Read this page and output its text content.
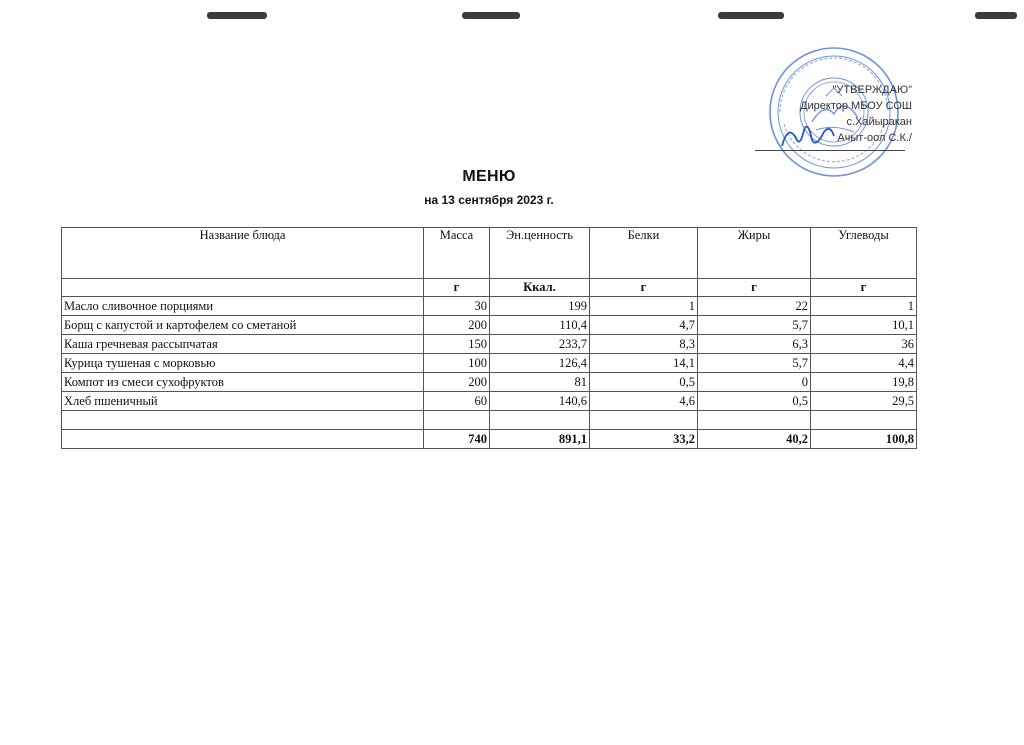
"УТВЕРЖДАЮ"
Директор МБОУ СОШ
с.Хайыракан
Ачыт-оол С.К./
МЕНЮ
на 13 сентября 2023 г.
Название блюда	Масса	Эн.ценность	Белки	Жиры	Углеводы
	г	Ккал.	г	г	г
Масло сливочное порциями	30	199	1	22	1
Борщ с капустой и картофелем со сметаной	200	110,4	4,7	5,7	10,1
Каша гречневая рассыпчатая	150	233,7	8,3	6,3	36
Курица тушеная с морковью	100	126,4	14,1	5,7	4,4
Компот из смеси сухофруктов	200	81	0,5	0	19,8
Хлеб пшеничный	60	140,6	4,6	0,5	29,5

	740	891,1	33,2	40,2	100,8
